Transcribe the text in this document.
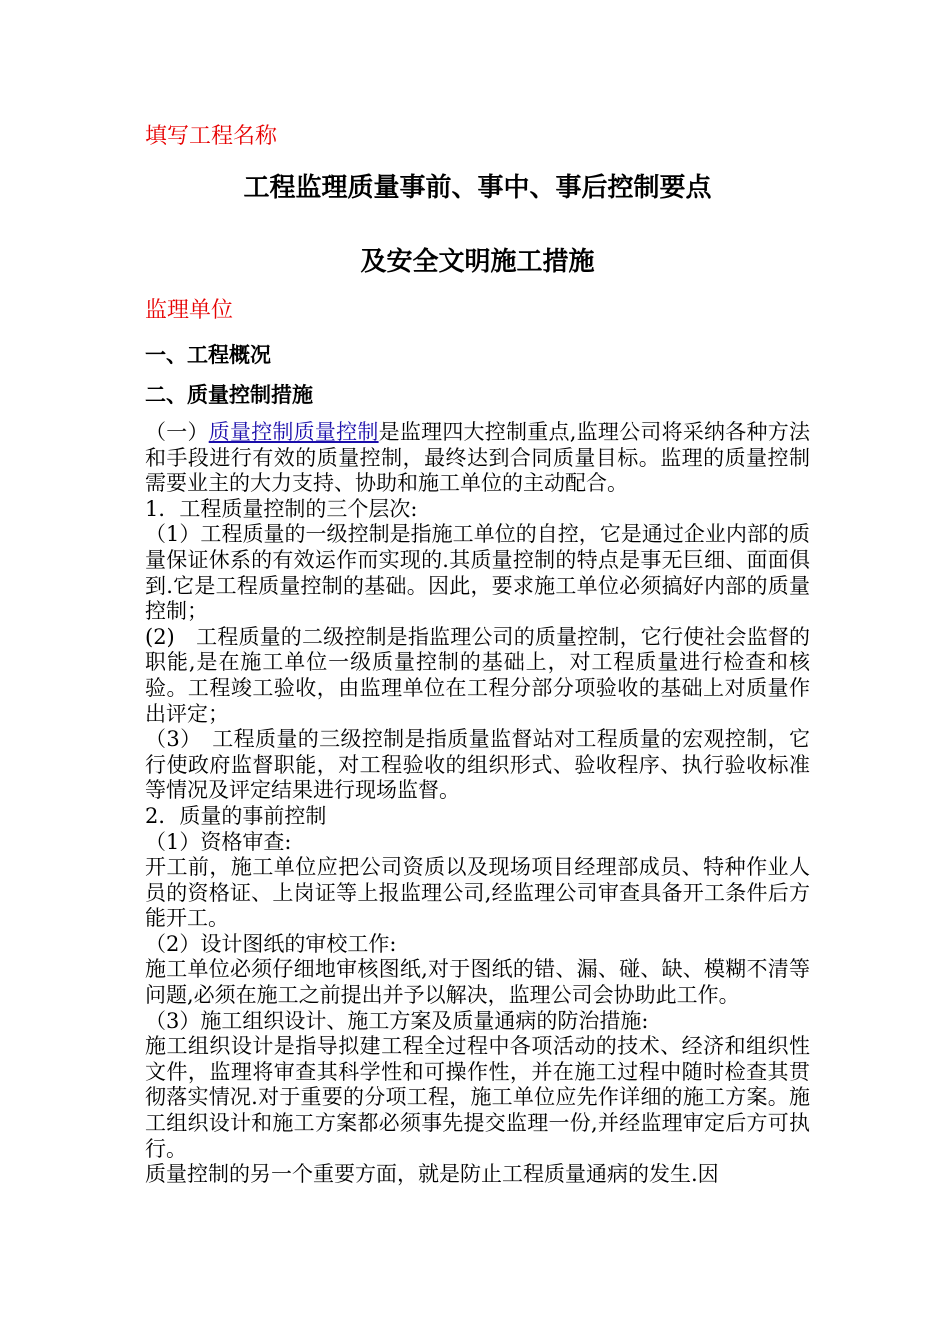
填写工程名称

工程监理质量事前、事中、事后控制要点

及安全文明施工措施

监理单位

一、工程概况

二、质量控制措施

（一）质量控制质量控制是监理四大控制重点,监理公司将采纳各种方法和手段进行有效的质量控制，最终达到合同质量目标。监理的质量控制需要业主的大力支持、协助和施工单位的主动配合。

1．工程质量控制的三个层次:

（1）工程质量的一级控制是指施工单位的自控，它是通过企业内部的质量保证休系的有效运作而实现的.其质量控制的特点是事无巨细、面面俱到.它是工程质量控制的基础。因此，要求施工单位必须搞好内部的质量控制；

(2)　工程质量的二级控制是指监理公司的质量控制，它行使社会监督的职能,是在施工单位一级质量控制的基础上，对工程质量进行检查和核验。工程竣工验收，由监理单位在工程分部分项验收的基础上对质量作出评定；

（3）　工程质量的三级控制是指质量监督站对工程质量的宏观控制，它行使政府监督职能，对工程验收的组织形式、验收程序、执行验收标准等情况及评定结果进行现场监督。

2．质量的事前控制

（1）资格审查:

开工前，施工单位应把公司资质以及现场项目经理部成员、特种作业人员的资格证、上岗证等上报监理公司,经监理公司审查具备开工条件后方能开工。

（2）设计图纸的审校工作:

施工单位必须仔细地审核图纸,对于图纸的错、漏、碰、缺、模糊不清等问题,必须在施工之前提出并予以解决，监理公司会协助此工作。

（3）施工组织设计、施工方案及质量通病的防治措施:

施工组织设计是指导拟建工程全过程中各项活动的技术、经济和组织性文件，监理将审查其科学性和可操作性，并在施工过程中随时检查其贯彻落实情况.对于重要的分项工程，施工单位应先作详细的施工方案。施工组织设计和施工方案都必须事先提交监理一份,并经监理审定后方可执行。

质量控制的另一个重要方面，就是防止工程质量通病的发生.因
